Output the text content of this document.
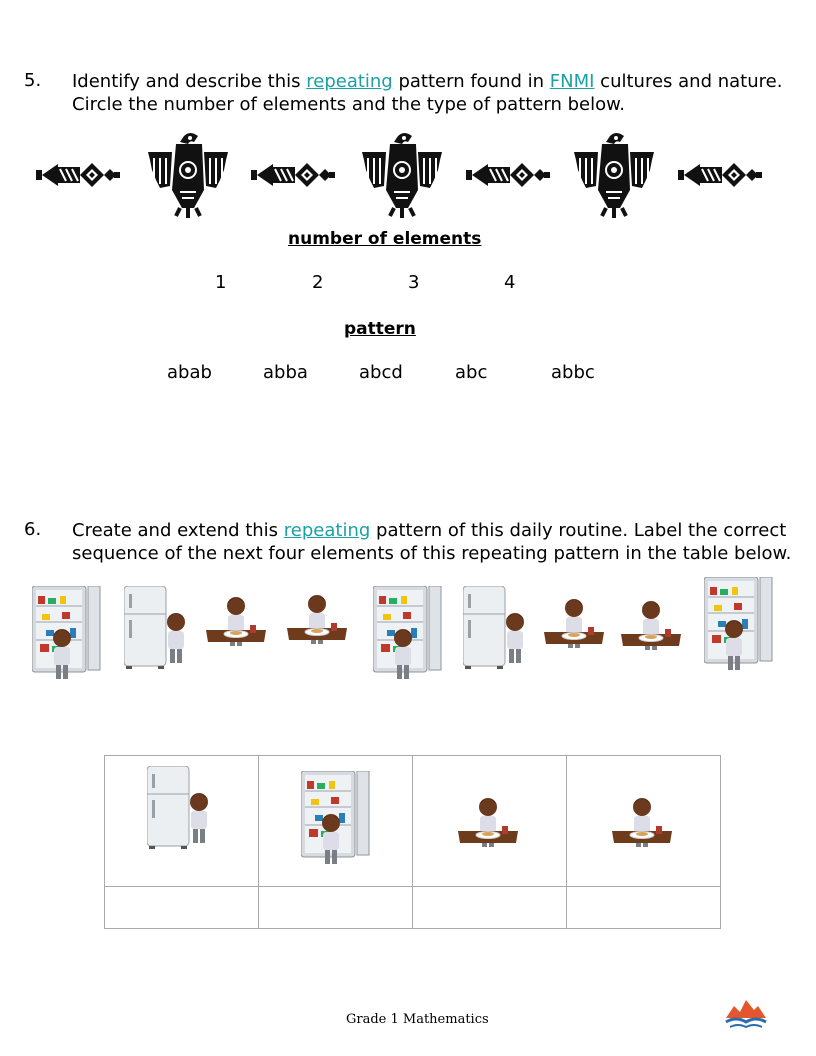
5. Identify and describe this repeating pattern found in FNMI cultures and nature.
Circle the number of elements and the type of pattern below.
number of elements
1	2	3	4
pattern
abab	abba	abcd	abc	abbc
6. Create and extend this repeating pattern of this daily routine. Label the correct
sequence of the next four elements of this repeating pattern in the table below.

Grade 1 Mathematics
